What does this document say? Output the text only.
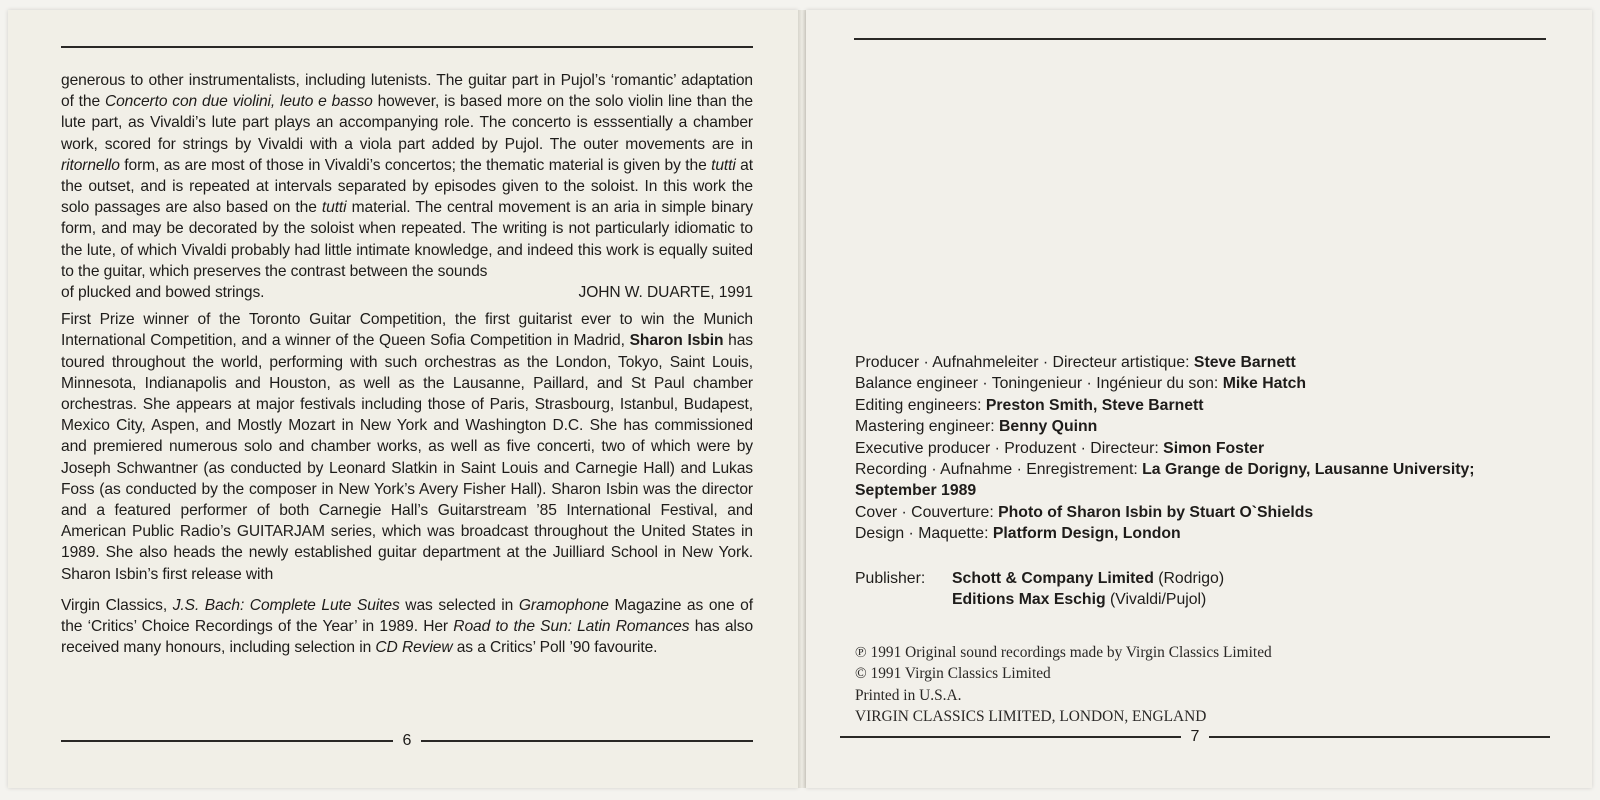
generous to other instrumentalists, including lutenists. The guitar part in Pujol’s ‘romantic’ adaptation of the Concerto con due violini, leuto e basso however, is based more on the solo violin line than the lute part, as Vivaldi’s lute part plays an accompanying role. The concerto is esssentially a chamber work, scored for strings by Vivaldi with a viola part added by Pujol. The outer movements are in ritornello form, as are most of those in Vivaldi’s concertos; the thematic material is given by the tutti at the outset, and is repeated at intervals separated by episodes given to the soloist. In this work the solo passages are also based on the tutti material. The central movement is an aria in simple binary form, and may be decorated by the soloist when repeated. The writing is not particularly idiomatic to the lute, of which Vivaldi probably had little intimate knowledge, and indeed this work is equally suited to the guitar, which preserves the contrast between the sounds

of plucked and bowed strings.	JOHN W. DUARTE, 1991

First Prize winner of the Toronto Guitar Competition, the first guitarist ever to win the Munich International Competition, and a winner of the Queen Sofia Competition in Madrid, Sharon Isbin has toured throughout the world, performing with such orchestras as the London, Tokyo, Saint Louis, Minnesota, Indianapolis and Houston, as well as the Lausanne, Paillard, and St Paul chamber orchestras. She appears at major festivals including those of Paris, Strasbourg, Istanbul, Budapest, Mexico City, Aspen, and Mostly Mozart in New York and Washington D.C. She has commissioned and premiered numerous solo and chamber works, as well as five concerti, two of which were by Joseph Schwantner (as conducted by Leonard Slatkin in Saint Louis and Carnegie Hall) and Lukas Foss (as conducted by the composer in New York’s Avery Fisher Hall). Sharon Isbin was the director and a featured performer of both Carnegie Hall’s Guitarstream ’85 International Festival, and American Public Radio’s GUITARJAM series, which was broadcast throughout the United States in 1989. She also heads the newly established guitar department at the Juilliard School in New York. Sharon Isbin’s first release with

Virgin Classics, J.S. Bach: Complete Lute Suites was selected in Gramophone Magazine as one of the ‘Critics’ Choice Recordings of the Year’ in 1989. Her Road to the Sun: Latin Romances has also received many honours, including selection in CD Review as a Critics’ Poll ’90 favourite.

6
Producer · Aufnahmeleiter · Directeur artistique: Steve Barnett
Balance engineer · Toningenieur · Ingénieur du son: Mike Hatch
Editing engineers: Preston Smith, Steve Barnett
Mastering engineer: Benny Quinn
Executive producer · Produzent · Directeur: Simon Foster
Recording · Aufnahme · Enregistrement: La Grange de Dorigny, Lausanne University; September 1989
Cover · Couverture: Photo of Sharon Isbin by Stuart O`Shields
Design · Maquette: Platform Design, London
Publisher:	Schott & Company Limited (Rodrigo)
Editions Max Eschig (Vivaldi/Pujol)
℗ 1991 Original sound recordings made by Virgin Classics Limited
© 1991 Virgin Classics Limited
Printed in U.S.A.
VIRGIN CLASSICS LIMITED, LONDON, ENGLAND
7
